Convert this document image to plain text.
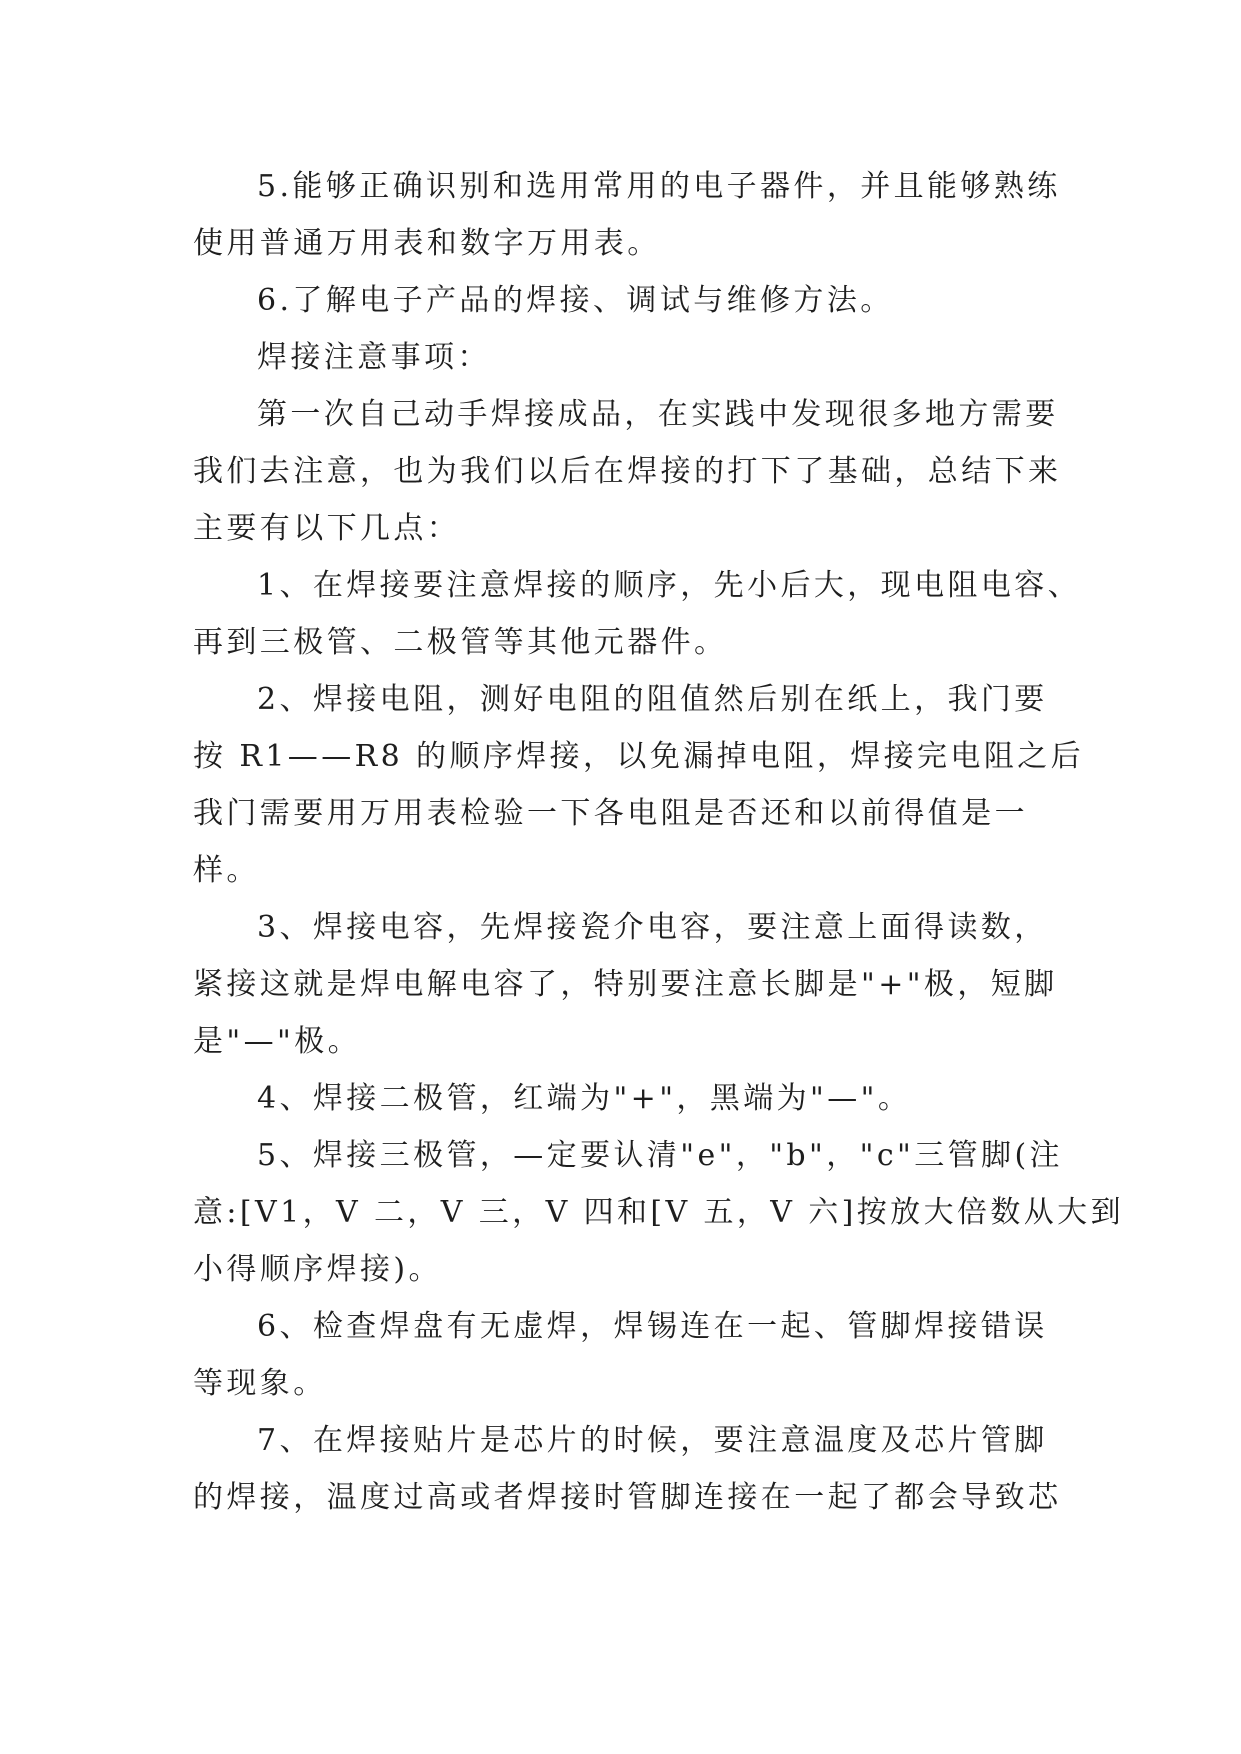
5.能够正确识别和选用常用的电子器件，并且能够熟练
使用普通万用表和数字万用表。

6.了解电子产品的焊接、调试与维修方法。

焊接注意事项：

第一次自己动手焊接成品，在实践中发现很多地方需要
我们去注意，也为我们以后在焊接的打下了基础，总结下来
主要有以下几点：

1、在焊接要注意焊接的顺序，先小后大，现电阻电容、
再到三极管、二极管等其他元器件。

2、焊接电阻，测好电阻的阻值然后别在纸上，我门要
按 R1——R8 的顺序焊接，以免漏掉电阻，焊接完电阻之后
我门需要用万用表检验一下各电阻是否还和以前得值是一
样。

3、焊接电容，先焊接瓷介电容，要注意上面得读数，
紧接这就是焊电解电容了，特别要注意长脚是"+"极，短脚
是"—"极。

4、焊接二极管，红端为"+"，黑端为"—"。

5、焊接三极管，—定要认清"e"，"b"，"c"三管脚(注
意:[V1，V 二，V 三，V 四和[V 五，V 六]按放大倍数从大到
小得顺序焊接)。

6、检查焊盘有无虚焊，焊锡连在一起、管脚焊接错误
等现象。

7、在焊接贴片是芯片的时候，要注意温度及芯片管脚
的焊接，温度过高或者焊接时管脚连接在一起了都会导致芯
